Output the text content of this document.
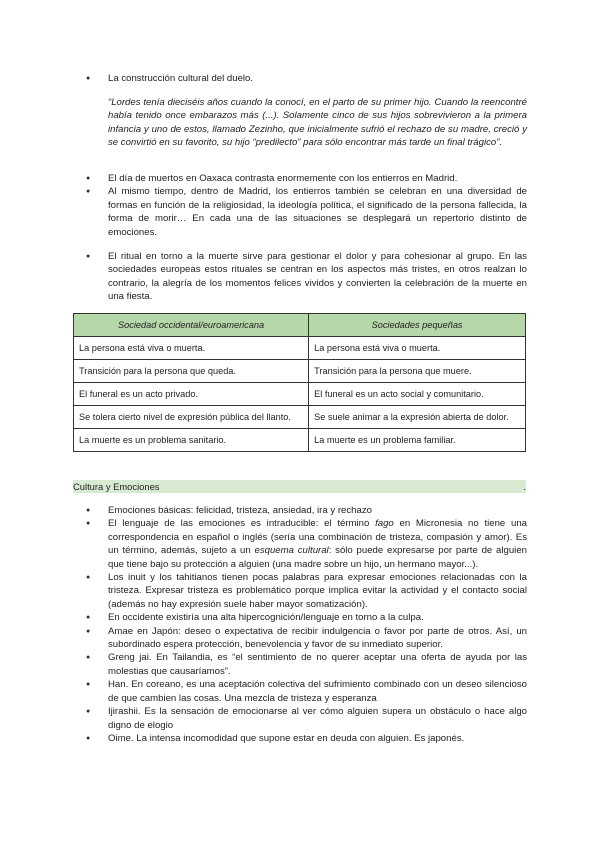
● La construcción cultural del duelo.
“Lordes tenía dieciséis años cuando la conocí, en el parto de su primer hijo. Cuando la reencontré había tenido once embarazos más (...). Solamente cinco de sus hijos sobrevivieron a la primera infancia y uno de estos, llamado Zezinho, que inicialmente sufrió el rechazo de su madre, creció y se convirtió en su favorito, su hijo “predilecto” para sólo encontrar más tarde un final trágico”.
● El día de muertos en Oaxaca contrasta enormemente con los entierros en Madrid.
● Al mismo tiempo, dentro de Madrid, los entierros también se celebran en una diversidad de formas en función de la religiosidad, la ideología política, el significado de la persona fallecida, la forma de morir… En cada una de las situaciones se desplegará un repertorio distinto de emociones.
● El ritual en torno a la muerte sirve para gestionar el dolor y para cohesionar al grupo. En las sociedades europeas estos rituales se centran en los aspectos más tristes, en otros realzan lo contrario, la alegría de los momentos felices vividos y convierten la celebración de la muerte en una fiesta.
Sociedad occidental/euroamericana	Sociedades pequeñas
La persona está viva o muerta.	La persona está viva o muerta.
Transición para la persona que queda.	Transición para la persona que muere.
El funeral es un acto privado.	El funeral es un acto social y comunitario.
Se tolera cierto nivel de expresión pública del llanto.	Se suele animar a la expresión abierta de dolor.
La muerte es un problema sanitario.	La muerte es un problema familiar.
Cultura y Emociones	.
● Emociones básicas: felicidad, tristeza, ansiedad, ira y rechazo
● El lenguaje de las emociones es intraducible: el término fago en Micronesia no tiene una correspondencia en español o inglés (sería una combinación de tristeza, compasión y amor). Es un término, además, sujeto a un esquema cultural: sólo puede expresarse por parte de alguien que tiene bajo su protección a alguien (una madre sobre un hijo, un hermano mayor...).
● Los inuit y los tahitianos tienen pocas palabras para expresar emociones relacionadas con la tristeza. Expresar tristeza es problemático porque implica evitar la actividad y el contacto social (además no hay expresión suele haber mayor somatización).
● En occidente existiría una alta hipercognición/lenguaje en torno a la culpa.
● Amae en Japón: deseo o expectativa de recibir indulgencia o favor por parte de otros. Así, un subordinado espera protección, benevolencia y favor de su inmediato superior.
● Greng jai. En Tailandia, es “el sentimiento de no querer aceptar una oferta de ayuda por las molestias que causaríamos”.
● Han. En coreano, es una aceptación colectiva del sufrimiento combinado con un deseo silencioso de que cambien las cosas. Una mezcla de tristeza y esperanza
● Ijirashii. Es la sensación de emocionarse al ver cómo alguien supera un obstáculo o hace algo digno de elogio
● Oime. La intensa incomodidad que supone estar en deuda con alguien. Es japonés.
